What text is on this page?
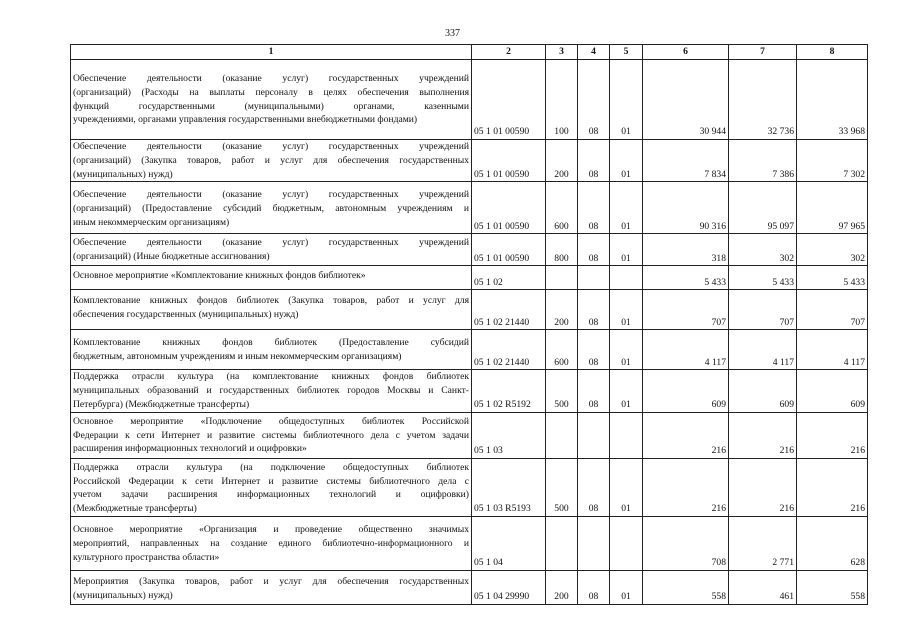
337
1	2	3	4	5	6	7	8

Обеспечение деятельности (оказание услуг) государственных учреждений
(организаций) (Расходы на выплаты персоналу в целях обеспечения выполнения
функций государственными (муниципальными) органами, казенными
учреждениями, органами управления государственными внебюджетными фондами)	05 1 01 00590	100	08	01	30 944	32 736	33 968

Обеспечение деятельности (оказание услуг) государственных учреждений
(организаций) (Закупка товаров, работ и услуг для обеспечения государственных
(муниципальных) нужд)	05 1 01 00590	200	08	01	7 834	7 386	7 302

Обеспечение деятельности (оказание услуг) государственных учреждений
(организаций) (Предоставление субсидий бюджетным, автономным учреждениям и
иным некоммерческим организациям)	05 1 01 00590	600	08	01	90 316	95 097	97 965

Обеспечение деятельности (оказание услуг) государственных учреждений
(организаций) (Иные бюджетные ассигнования)	05 1 01 00590	800	08	01	318	302	302

Основное мероприятие «Комплектование книжных фондов библиотек»	05 1 02				5 433	5 433	5 433

Комплектование книжных фондов библиотек (Закупка товаров, работ и услуг для
обеспечения государственных (муниципальных) нужд)	05 1 02 21440	200	08	01	707	707	707

Комплектование книжных фондов библиотек (Предоставление субсидий
бюджетным, автономным учреждениям и иным некоммерческим организациям)	05 1 02 21440	600	08	01	4 117	4 117	4 117

Поддержка отрасли культура (на комплектование книжных фондов библиотек
муниципальных образований и государственных библиотек городов Москвы и Санкт-
Петербурга) (Межбюджетные трансферты)	05 1 02 R5192	500	08	01	609	609	609

Основное мероприятие «Подключение общедоступных библиотек Российской
Федерации к сети Интернет и развитие системы библиотечного дела с учетом задачи
расширения информационных технологий и оцифровки»	05 1 03				216	216	216

Поддержка отрасли культура (на подключение общедоступных библиотек
Российской Федерации к сети Интернет и развитие системы библиотечного дела с
учетом задачи расширения информационных технологий и оцифровки)
(Межбюджетные трансферты)	05 1 03 R5193	500	08	01	216	216	216

Основное мероприятие «Организация и проведение общественно значимых
мероприятий, направленных на создание единого библиотечно-информационного и
культурного пространства области»	05 1 04				708	2 771	628

Мероприятия (Закупка товаров, работ и услуг для обеспечения государственных
(муниципальных) нужд)	05 1 04 29990	200	08	01	558	461	558
